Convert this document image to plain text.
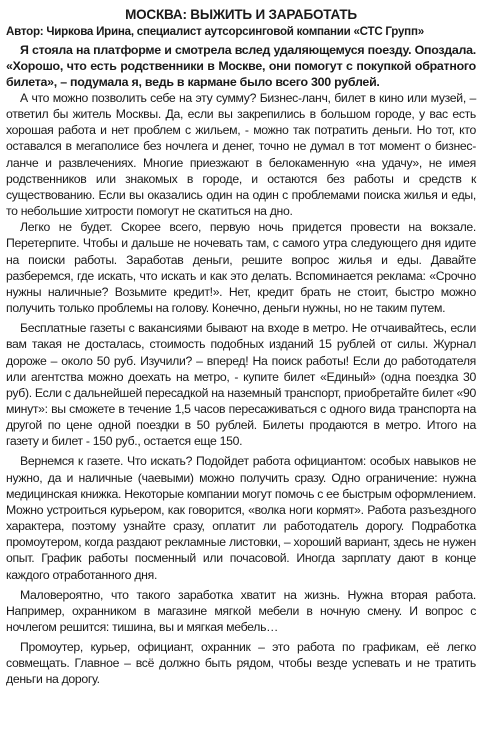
МОСКВА: ВЫЖИТЬ И ЗАРАБОТАТЬ
Автор: Чиркова Ирина, специалист аутсорсинговой компании «СТС Групп»

Я стояла на платформе и смотрела вслед удаляющемуся поезду. Опоздала. «Хорошо, что есть родственники в Москве, они помогут с покупкой обратного билета», – подумала я, ведь в кармане было всего 300 рублей.

А что можно позволить себе на эту сумму? Бизнес-ланч, билет в кино или музей, – ответил бы житель Москвы. Да, если вы закрепились в большом городе, у вас есть хорошая работа и нет проблем с жильем, - можно так потратить деньги. Но тот, кто оставался в мегаполисе без ночлега и денег, точно не думал в тот момент о бизнес-ланче и развлечениях. Многие приезжают в белокаменную «на удачу», не имея родственников или знакомых в городе, и остаются без работы и средств к существованию. Если вы оказались один на один с проблемами поиска жилья и еды, то небольшие хитрости помогут не скатиться на дно.

Легко не будет. Скорее всего, первую ночь придется провести на вокзале. Перетерпите. Чтобы и дальше не ночевать там, с самого утра следующего дня идите на поиски работы. Заработав деньги, решите вопрос жилья и еды. Давайте разберемся, где искать, что искать и как это делать. Вспоминается реклама: «Срочно нужны наличные? Возьмите кредит!». Нет, кредит брать не стоит, быстро можно получить только проблемы на голову. Конечно, деньги нужны, но не таким путем.

Бесплатные газеты с вакансиями бывают на входе в метро. Не отчаивайтесь, если вам такая не досталась, стоимость подобных изданий 15 рублей от силы. Журнал дороже – около 50 руб. Изучили? – вперед! На поиск работы! Если до работодателя или агентства можно доехать на метро, - купите билет «Единый» (одна поездка 30 руб). Если с дальнейшей пересадкой на наземный транспорт, приобретайте билет «90 минут»: вы сможете в течение 1,5 часов пересаживаться с одного вида транспорта на другой по цене одной поездки в 50 рублей. Билеты продаются в метро. Итого на газету и билет - 150 руб., остается еще 150.

Вернемся к газете. Что искать? Подойдет работа официантом: особых навыков не нужно, да и наличные (чаевыми) можно получить сразу. Одно ограничение: нужна медицинская книжка. Некоторые компании могут помочь с ее быстрым оформлением. Можно устроиться курьером, как говорится, «волка ноги кормят». Работа разъездного характера, поэтому узнайте сразу, оплатит ли работодатель дорогу. Подработка промоутером, когда раздают рекламные листовки, – хороший вариант, здесь не нужен опыт. График работы посменный или почасовой. Иногда зарплату дают в конце каждого отработанного дня.

Маловероятно, что такого заработка хватит на жизнь. Нужна вторая работа. Например, охранником в магазине мягкой мебели в ночную смену. И вопрос с ночлегом решится: тишина, вы и мягкая мебель…

Промоутер, курьер, официант, охранник – это работа по графикам, её легко совмещать. Главное – всё должно быть рядом, чтобы везде успевать и не тратить деньги на дорогу.
